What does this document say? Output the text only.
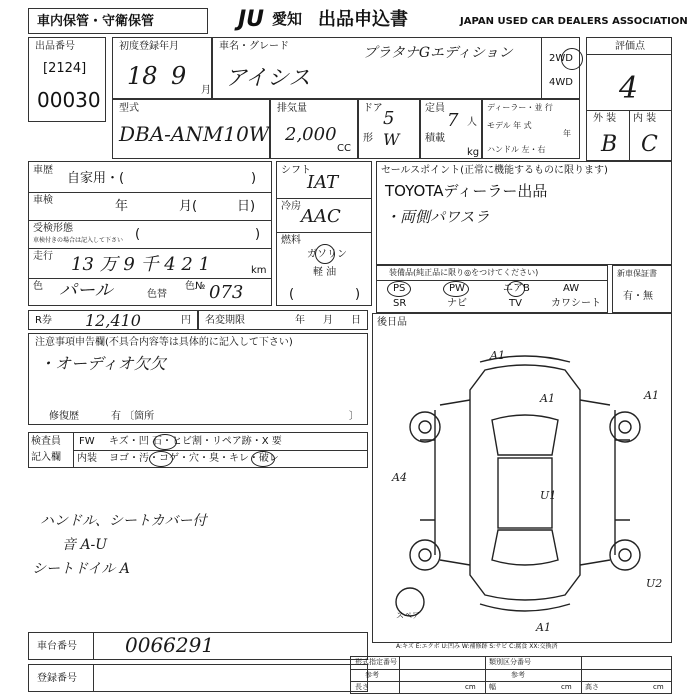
車内保管・守衛保管	JU 愛知 出品申込書	JAPAN USED CAR DEALERS ASSOCIATION
出品番号
[2124]
00030
初度登録年月
18 9
月
車名・グレード	プラタナGエディション
アイシス
2WD
4WD
評価点
4
外 装 内 装
B C
型式
DBA-ANM10W
排気量
2,000
CC
ドア 5
形 W
定員
7 人
積載
kg
ディーラー・並 行
モデル 年 式
年
ハンドル 左・右
車歴
自家用・(	)
車検	年	月(	日)
受検形態
車検付きの場合は記入して下さい (	)
走行 13 万 9 千 4 2 1	km
色 パール	色替
色№ 073
シフト
IAT
冷房 AAC
燃料
ガソリン
軽 油
(	)
セールスポイント(正常に機能するものに限ります)
TOYOTAディーラー出品
・両側パワスラ
装備品(純正品に限り◎をつけてください)
PS	PW	エアB	AW
SR	ナビ	TV	カワシート
新車保証書
有・無
R券 12,410	円 名変期限	年 月 日
注意事項申告欄(不具合内容等は具体的に記入して下さい)
・オーディオ欠欠
修復歴	有 〔箇所	〕
検査員
記入欄
FW キズ・凹 石・ヒビ割・リペア跡・X 要
内装 ヨゴ・汚・コゲ・穴・臭・キレ・破レ
後日品
A1
A1	A1
A4
U1
U2
A1
スペア
A:キズ E:エクボ U:凹み W:補修跡 S:サビ C:腐食 XX:交換済
ハンドル、シートカバー付
音 A-U
シートドイル A
車台番号 0066291
登録番号
形式指定番号	類別区分番号
参考	参考
長さ	cm 幅	cm 高さ	cm
